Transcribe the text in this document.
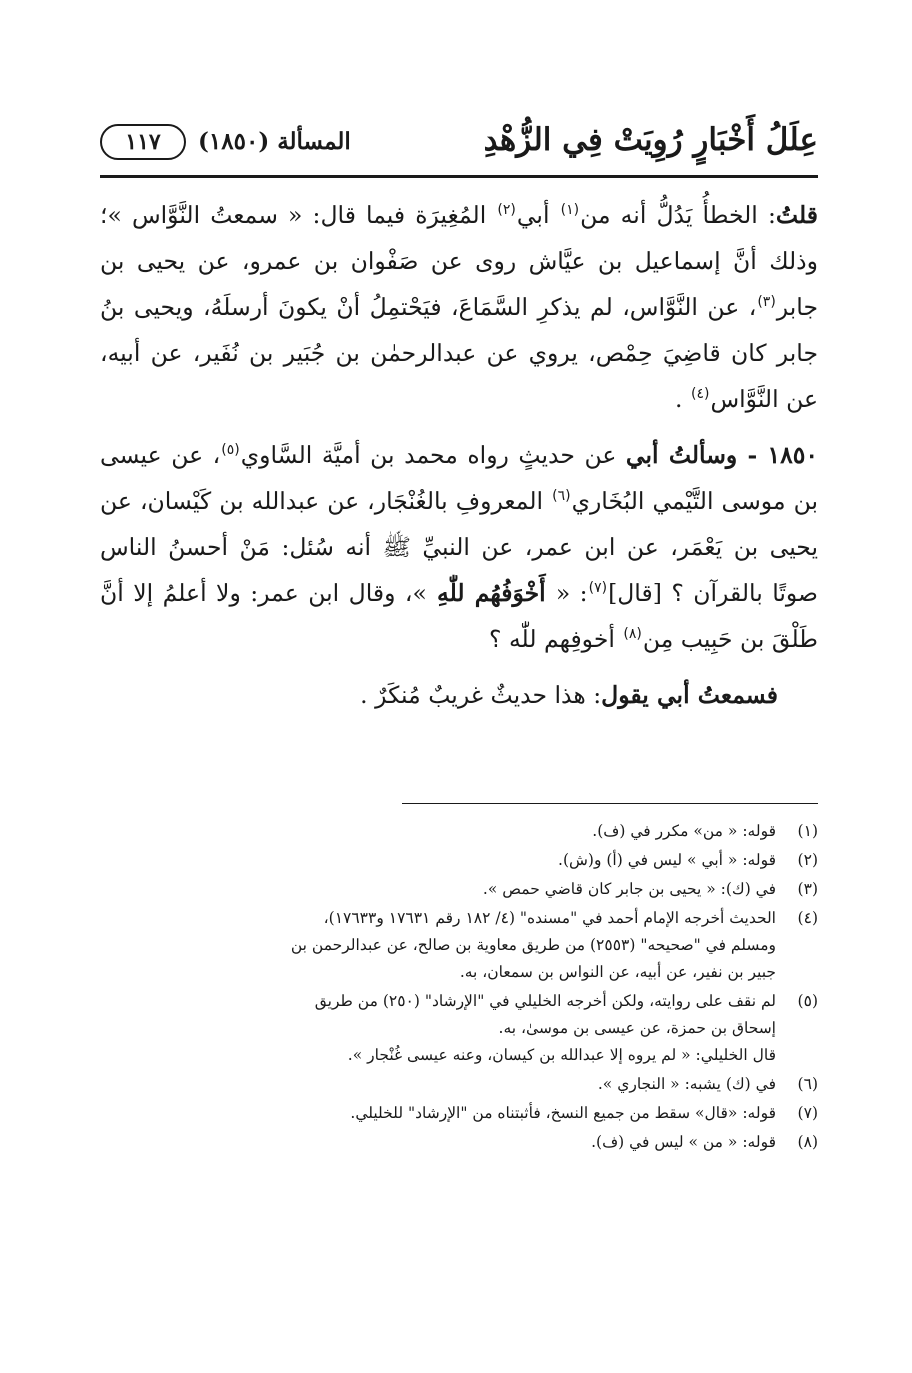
عِلَلُ أَخْبَارٍ رُوِيَتْ فِي الزُّهْدِ
المسألة (١٨٥٠)
١١٧

قلتُ: الخطأُ يَدُلُّ أنه من$^{(١)}$ أبي$^{(٢)}$ المُغِيرَة فيما قال: « سمعتُ النَّوَّاس »؛ وذلك أنَّ إسماعيل بن عيَّاش روى عن صَفْوان بن عمرو، عن يحيى بن جابر$^{(٣)}$، عن النَّوَّاس، لم يذكرِ السَّمَاعَ، فيَحْتمِلُ أنْ يكونَ أرسلَهُ، ويحيى بنُ جابر كان قاضِيَ حِمْص، يروي عن عبدالرحمٰن بن جُبَير بن نُفَير، عن أبيه، عن النَّوَّاس$^{(٤)}$ .

١٨٥٠ - وسألتُ أبي عن حديثٍ رواه محمد بن أميَّة السَّاوي$^{(٥)}$، عن عيسى بن موسى التَّيْمي البُخَاري$^{(٦)}$ المعروفِ بالغُنْجَار، عن عبدالله بن كَيْسان، عن يحيى بن يَعْمَر، عن ابن عمر، عن النبيِّ ﷺ أنه سُئل: مَنْ أحسنُ الناس صوتًا بالقرآن ؟ [قال]$^{(٧)}$: « أَخْوَفُهُم للّٰهِ »، وقال ابن عمر: ولا أعلمُ إلا أنَّ طَلْقَ بن حَبِيب مِن$^{(٨)}$ أخوفِهم للّٰه ؟

فسمعتُ أبي يقول: هذا حديثٌ غريبٌ مُنكَرٌ .

(١)
قوله: « من» مكرر في (ف).
(٢)
قوله: « أبي » ليس في (أ) و(ش).
(٣)
في (ك): « يحيى بن جابر كان قاضي حمص ».
(٤)
الحديث أخرجه الإمام أحمد في "مسنده" (٤/ ١٨٢ رقم ١٧٦٣١ و١٧٦٣٣)،
ومسلم في "صحيحه" (٢٥٥٣) من طريق معاوية بن صالح، عن عبدالرحمن بن
جبير بن نفير، عن أبيه، عن النواس بن سمعان، به.
(٥)
لم نقف على روايته، ولكن أخرجه الخليلي في "الإرشاد" (٢٥٠) من طريق
إسحاق بن حمزة، عن عيسى بن موسىٰ، به.
قال الخليلي: « لم يروه إلا عبدالله بن كيسان، وعنه عيسى غُنْجار ».
(٦)
في (ك) يشبه: « النجاري ».
(٧)
قوله: «قال» سقط من جميع النسخ، فأثبتناه من "الإرشاد" للخليلي.
(٨)
قوله: « من » ليس في (ف).
